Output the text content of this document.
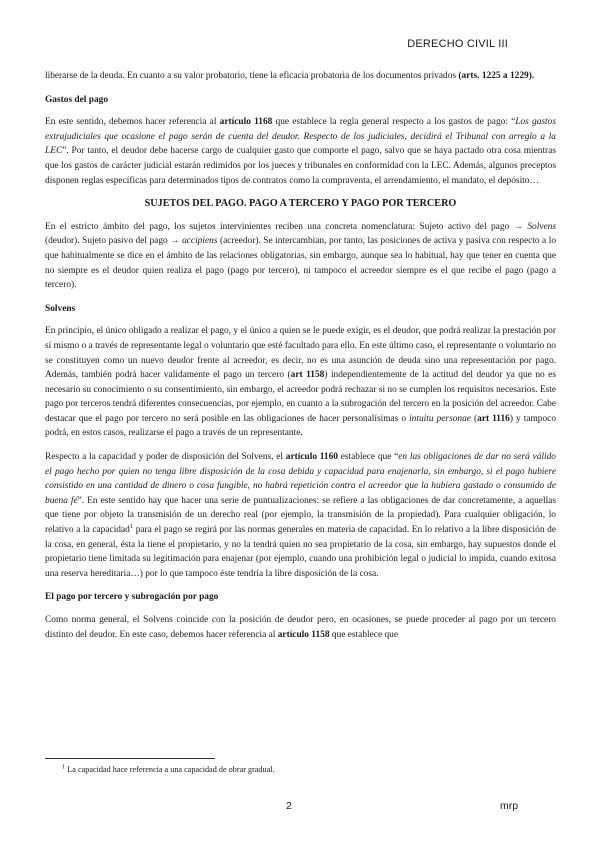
DERECHO CIVIL III

liberarse de la deuda. En cuanto a su valor probatorio, tiene la eficacia probatoria de los documentos privados (arts. 1225 a 1229).

Gastos del pago

En este sentido, debemos hacer referencia al artículo 1168 que establece la regla general respecto a los gastos de pago: “Los gastos extrajudiciales que ocasione el pago serán de cuenta del deudor. Respecto de los judiciales, decidirá el Tribunal con arreglo a la LEC”. Por tanto, el deudor debe hacerse cargo de cualquier gasto que comporte el pago, salvo que se haya pactado otra cosa mientras que los gastos de carácter judicial estarán redimidos por los jueces y tribunales en conformidad con la LEC. Además, algunos preceptos disponen reglas específicas para determinados tipos de contratos como la compraventa, el arrendamiento, el mandato, el depósito…

SUJETOS DEL PAGO. PAGO A TERCERO Y PAGO POR TERCERO

En el estricto ámbito del pago, los sujetos intervinientes reciben una concreta nomenclatura: Sujeto activo del pago → Solvens (deudor). Sujeto pasivo del pago → accipiens (acreedor). Se intercambian, por tanto, las posiciones de activa y pasiva con respecto a lo que habitualmente se dice en el ámbito de las relaciones obligatorias, sin embargo, aunque sea lo habitual, hay que tener en cuenta que no siempre es el deudor quien realiza el pago (pago por tercero), ni tampoco el acreedor siempre es el que recibe el pago (pago a tercero).

Solvens

En principio, el único obligado a realizar el pago, y el único a quien se le puede exigir, es el deudor, que podrá realizar la prestación por sí mismo o a través de representante legal o voluntario que esté facultado para ello. En este último caso, el representante o voluntario no se constituyen como un nuevo deudor frente al acreedor, es decir, no es una asunción de deuda sino una representación por pago. Además, también podrá hacer validamente el pago un tercero (art 1158) independientemente de la actitud del deudor ya que no es necesario su conocimiento o su consentimiento, sin embargo, el acreedor podrá rechazar si no se cumplen los requisitos necesarios. Este pago por terceros tendrá diferentes consecuencias, por ejemplo, en cuanto a la subrogación del tercero en la posición del acreedor. Cabe destacar que el pago por tercero no será posible en las obligaciones de hacer personalísimas o intuitu personae (art 1116) y tampoco podrá, en estos casos, realizarse el pago a través de un representante.

Respecto a la capacidad y poder de disposición del Solvens, el artículo 1160 establece que “en las obligaciones de dar no será válido el pago hecho por quien no tenga libre disposición de la cosa debida y capacidad para enajenarla, sin embargo, si el pago hubiere consistido en una cantidad de dinero o cosa fungible, no habrá repetición contra el acreedor que la hubiera gastado o consumido de buena fé”. En este sentido hay que hacer una serie de puntualizaciones: se refiere a las obligaciones de dar concretamente, a aquellas que tiene por objeto la transmisión de un derecho real (por ejemplo, la transmisión de la propiedad). Para cualquier obligación, lo relativo a la capacidad$^1$ para el pago se regirá por las normas generales en materia de capacidad. En lo relativo a la libre disposición de la cosa, en general, ésta la tiene el propietario, y no la tendrá quien no sea propietario de la cosa, sin embargo, hay supuestos donde el propietario tiene limitada su legitimación para enajenar (por ejemplo, cuando una prohibición legal o judicial lo impida, cuando exitosa una reserva hereditaria…) por lo que tampoco éste tendría la libre disposición de la cosa.

El pago por tercero y subrogación por pago

Como norma general, el Solvens coincide con la posición de deudor pero, en ocasiones, se puede proceder al pago por un tercero distinto del deudor. En este caso, debemos hacer referencia al artículo 1158 que establece que

$^1$ La capacidad hace referencia a una capacidad de obrar gradual.
2	mrp
